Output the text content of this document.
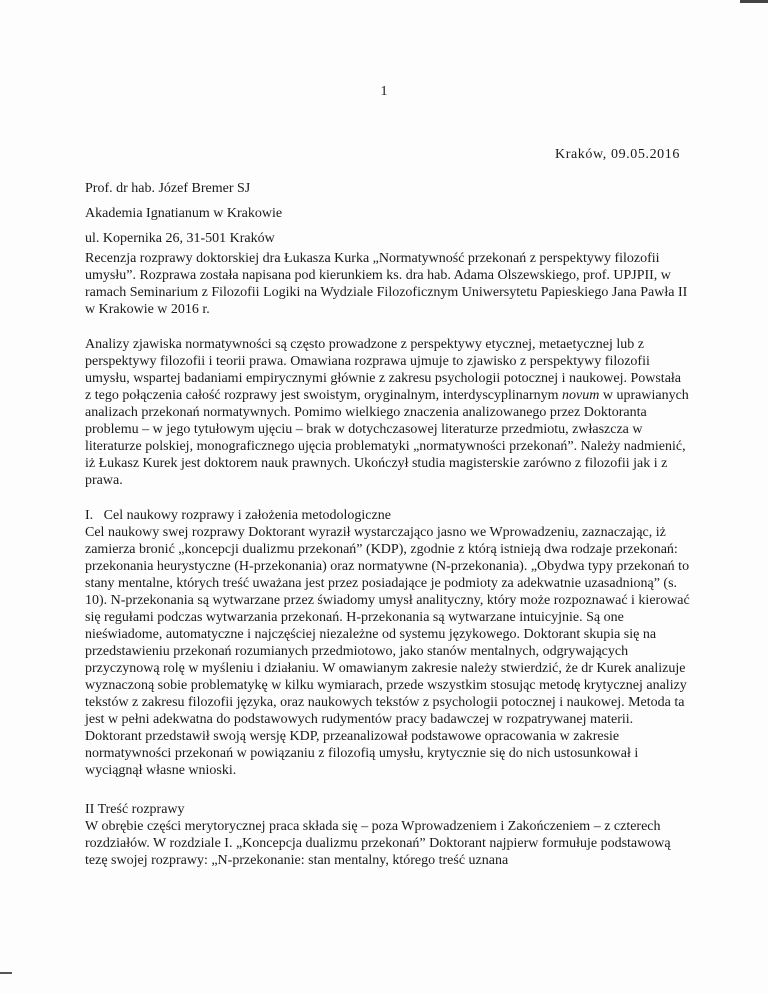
1
Kraków, 09.05.2016
Prof. dr hab. Józef Bremer SJ
Akademia Ignatianum w Krakowie
ul. Kopernika 26, 31-501 Kraków

Recenzja rozprawy doktorskiej dra Łukasza Kurka „Normatywność przekonań z perspektywy filozofii umysłu”. Rozprawa została napisana pod kierunkiem ks. dra hab. Adama Olszewskiego, prof. UPJPII, w ramach Seminarium z Filozofii Logiki na Wydziale Filozoficznym Uniwersytetu Papieskiego Jana Pawła II w Krakowie w 2016 r.

Analizy zjawiska normatywności są często prowadzone z perspektywy etycznej, metaetycznej lub z perspektywy filozofii i teorii prawa. Omawiana rozprawa ujmuje to zjawisko z perspektywy filozofii umysłu, wspartej badaniami empirycznymi głównie z zakresu psychologii potocznej i naukowej. Powstała z tego połączenia całość rozprawy jest swoistym, oryginalnym, interdyscyplinarnym novum w uprawianych analizach przekonań normatywnych. Pomimo wielkiego znaczenia analizowanego przez Doktoranta problemu – w jego tytułowym ujęciu – brak w dotychczasowej literaturze przedmiotu, zwłaszcza w literaturze polskiej, monograficznego ujęcia problematyki „normatywności przekonań”. Należy nadmienić, iż Łukasz Kurek jest doktorem nauk prawnych. Ukończył studia magisterskie zarówno z filozofii jak i z prawa.

I.   Cel naukowy rozprawy i założenia metodologiczne

Cel naukowy swej rozprawy Doktorant wyraził wystarczająco jasno we Wprowadzeniu, zaznaczając, iż zamierza bronić „koncepcji dualizmu przekonań” (KDP), zgodnie z którą istnieją dwa rodzaje przekonań: przekonania heurystyczne (H-przekonania) oraz normatywne (N-przekonania). „Obydwa typy przekonań to stany mentalne, których treść uważana jest przez posiadające je podmioty za adekwatnie uzasadnioną” (s. 10). N-przekonania są wytwarzane przez świadomy umysł analityczny, który może rozpoznawać i kierować się regułami podczas wytwarzania przekonań. H-przekonania są wytwarzane intuicyjnie. Są one nieświadome, automatyczne i najczęściej niezależne od systemu językowego. Doktorant skupia się na przedstawieniu przekonań rozumianych przedmiotowo, jako stanów mentalnych, odgrywających przyczynową rolę w myśleniu i działaniu. W omawianym zakresie należy stwierdzić, że dr Kurek analizuje wyznaczoną sobie problematykę w kilku wymiarach, przede wszystkim stosując metodę krytycznej analizy tekstów z zakresu filozofii języka, oraz naukowych tekstów z psychologii potocznej i naukowej. Metoda ta jest w pełni adekwatna do podstawowych rudymentów pracy badawczej w rozpatrywanej materii. Doktorant przedstawił swoją wersję KDP, przeanalizował podstawowe opracowania w zakresie normatywności przekonań w powiązaniu z filozofią umysłu, krytycznie się do nich ustosunkował i wyciągnął własne wnioski.

II Treść rozprawy

W obrębie części merytorycznej praca składa się – poza Wprowadzeniem i Zakończeniem – z czterech rozdziałów. W rozdziale I. „Koncepcja dualizmu przekonań” Doktorant najpierw formułuje podstawową tezę swojej rozprawy: „N-przekonanie: stan mentalny, którego treść uznana
